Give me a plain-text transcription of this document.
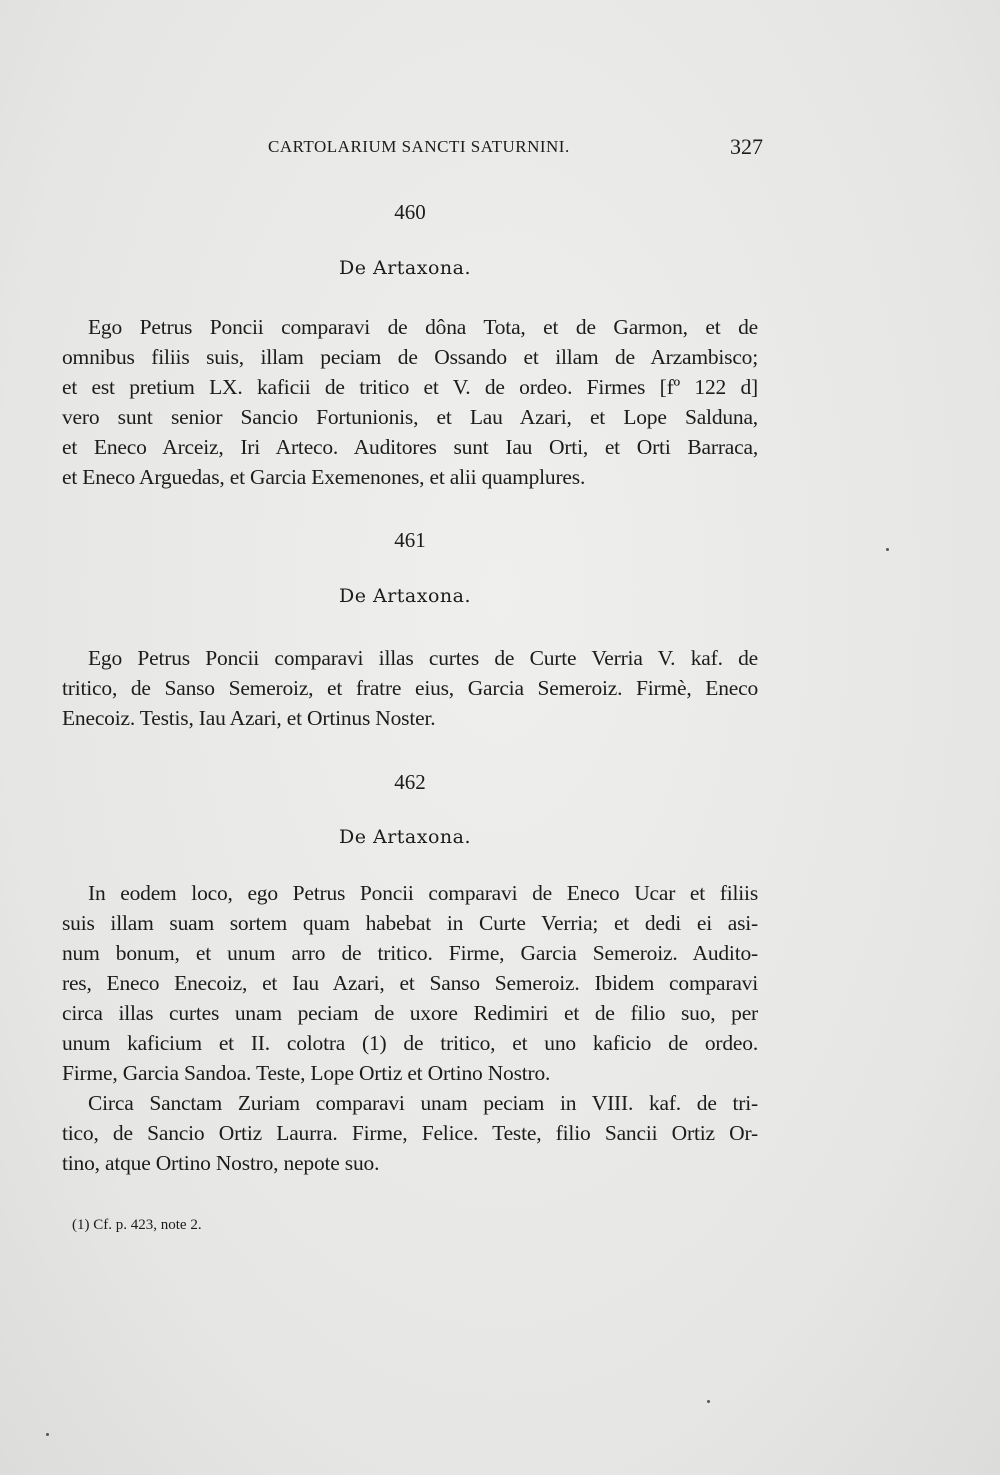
CARTOLARIUM SANCTI SATURNINI.	327
460
De Artaxona.
Ego Petrus Poncii comparavi de dôna Tota, et de Garmon, et de
omnibus filiis suis, illam peciam de Ossando et illam de Arzambisco;
et est pretium LX. kaficii de tritico et V. de ordeo. Firmes [fº 122 d]
vero sunt senior Sancio Fortunionis, et Lau Azari, et Lope Salduna,
et Eneco Arceiz, Iri Arteco. Auditores sunt Iau Orti, et Orti Barraca,
et Eneco Arguedas, et Garcia Exemenones, et alii quamplures.
461
De Artaxona.
Ego Petrus Poncii comparavi illas curtes de Curte Verria V. kaf. de
tritico, de Sanso Semeroiz, et fratre eius, Garcia Semeroiz. Firmè, Eneco
Enecoiz. Testis, Iau Azari, et Ortinus Noster.
462
De Artaxona.
In eodem loco, ego Petrus Poncii comparavi de Eneco Ucar et filiis
suis illam suam sortem quam habebat in Curte Verria; et dedi ei asi-
num bonum, et unum arro de tritico. Firme, Garcia Semeroiz. Audito-
res, Eneco Enecoiz, et Iau Azari, et Sanso Semeroiz. Ibidem comparavi
circa illas curtes unam peciam de uxore Redimiri et de filio suo, per
unum kaficium et II. colotra (1) de tritico, et uno kaficio de ordeo.
Firme, Garcia Sandoa. Teste, Lope Ortiz et Ortino Nostro.
Circa Sanctam Zuriam comparavi unam peciam in VIII. kaf. de tri-
tico, de Sancio Ortiz Laurra. Firme, Felice. Teste, filio Sancii Ortiz Or-
tino, atque Ortino Nostro, nepote suo.
(1) Cf. p. 423, note 2.
